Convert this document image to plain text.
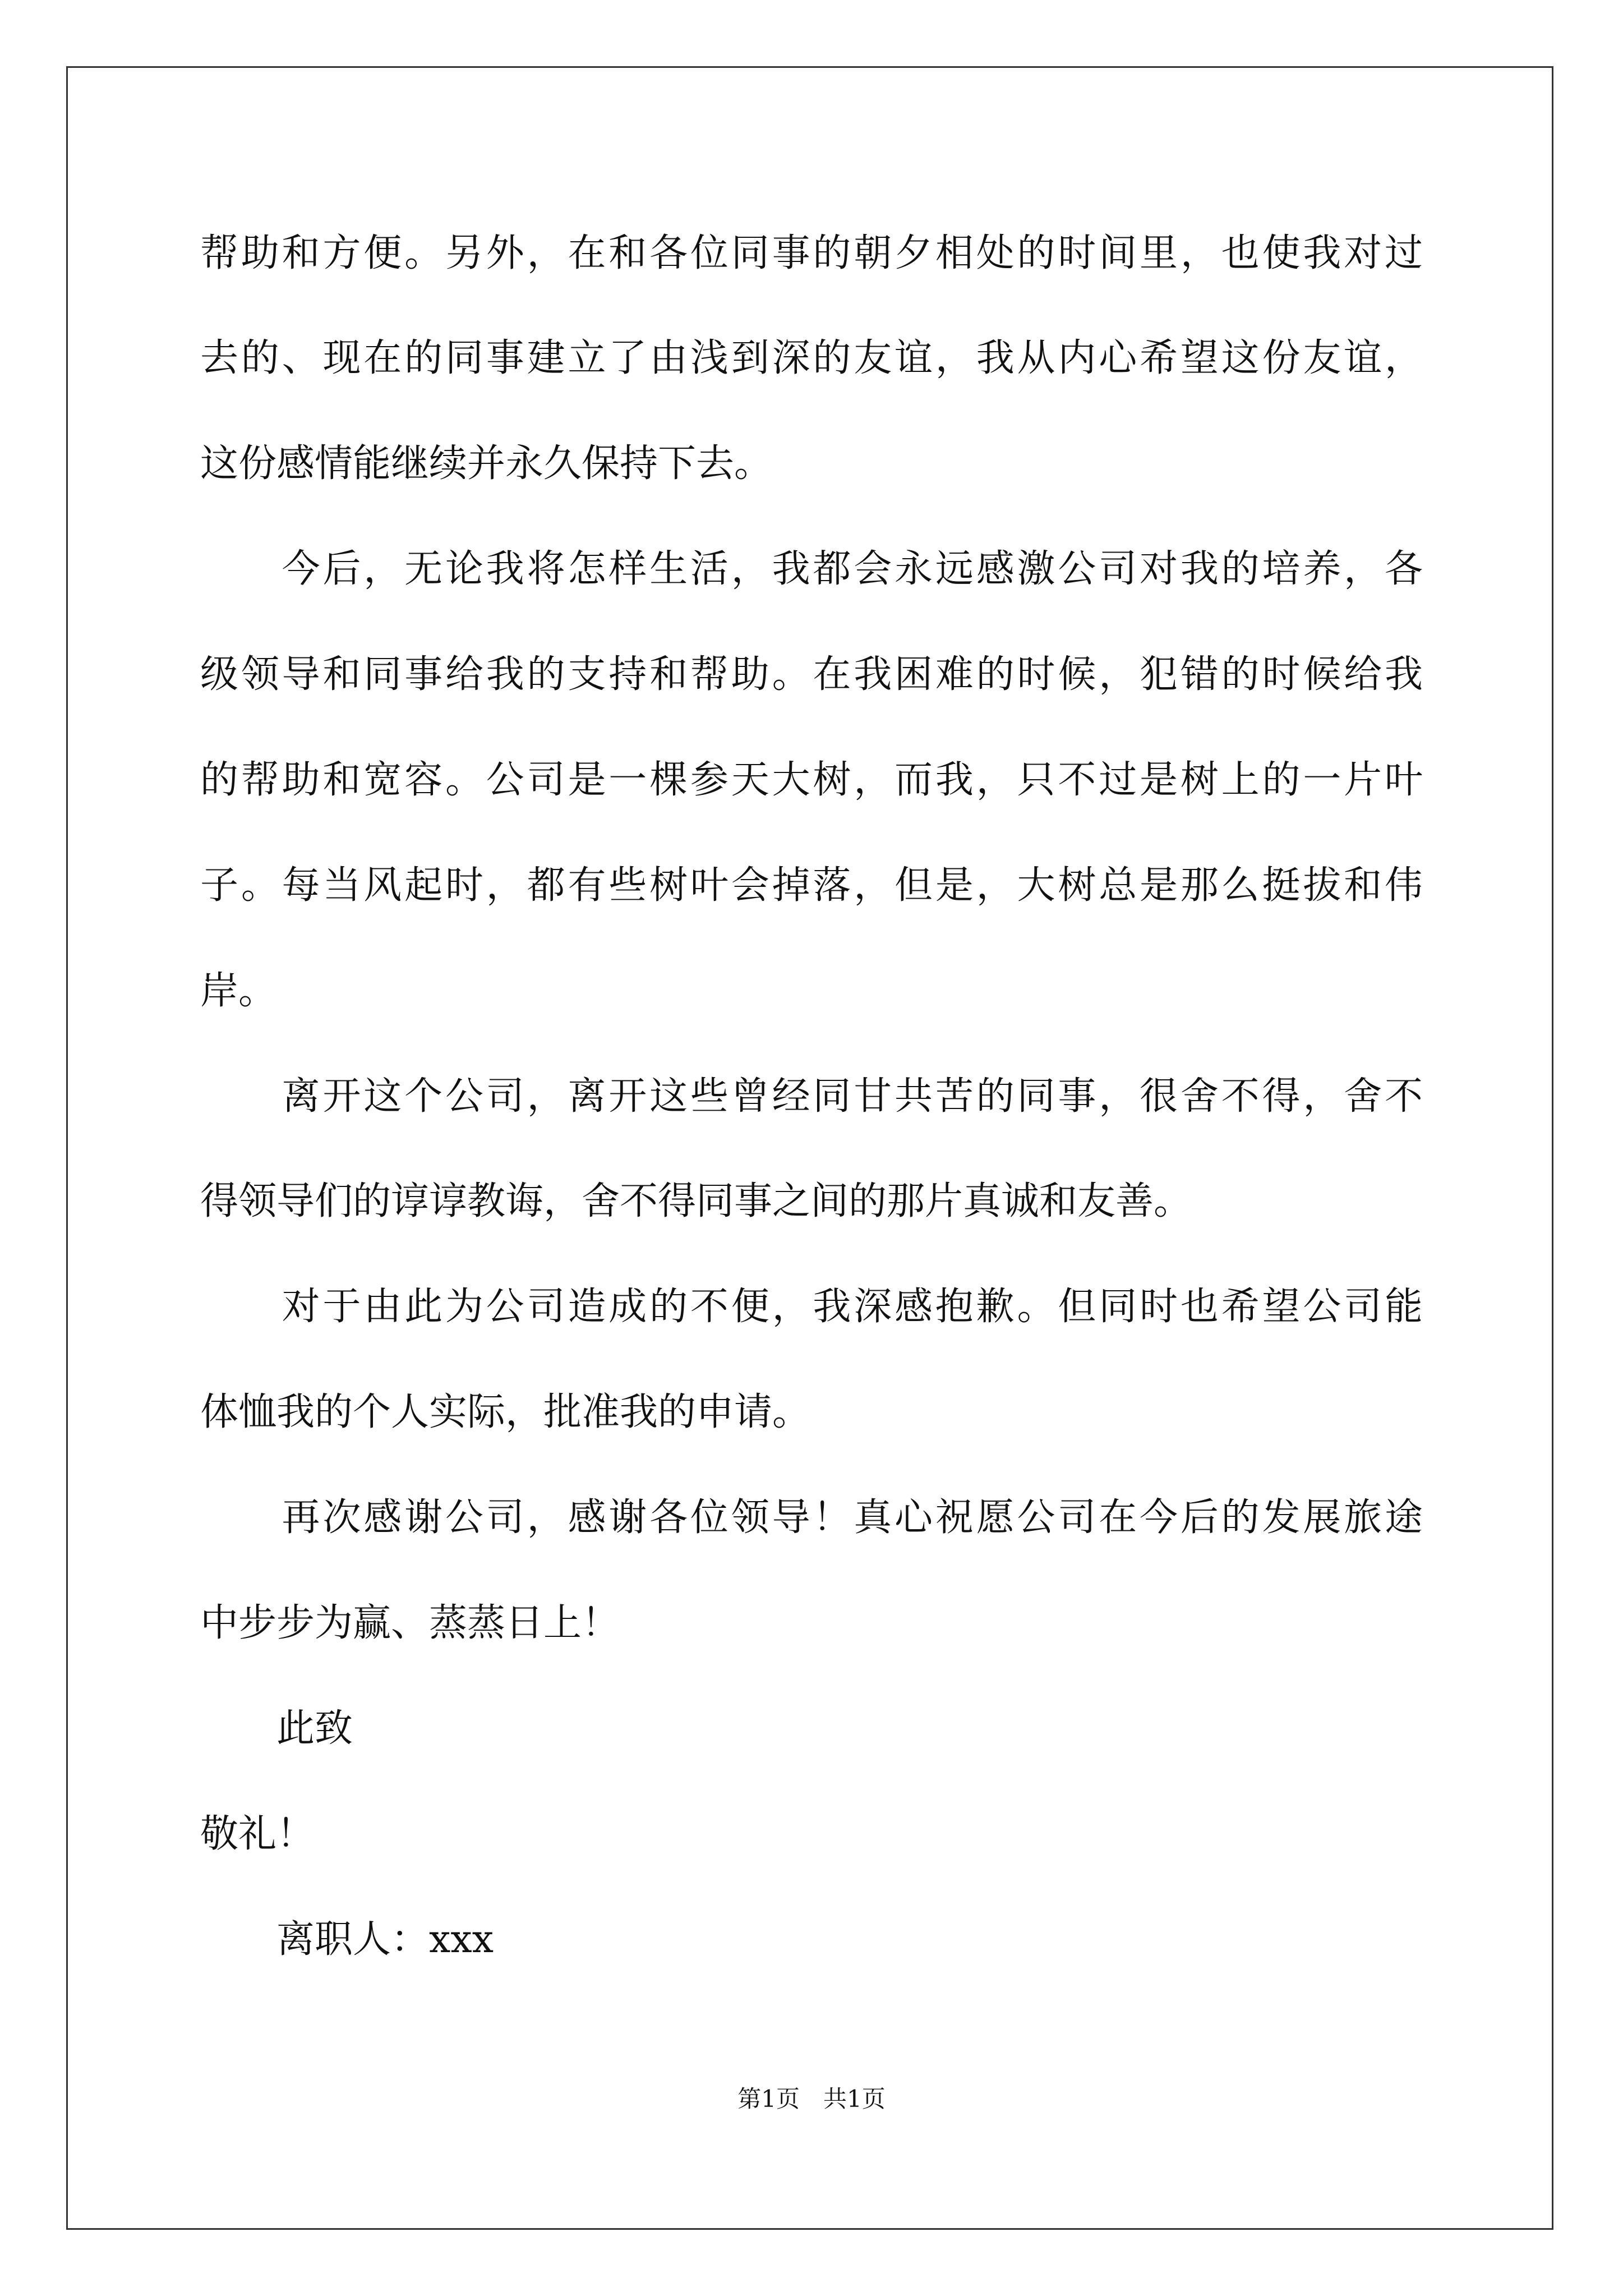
帮助和方便。另外，在和各位同事的朝夕相处的时间里，也使我对过
去的、现在的同事建立了由浅到深的友谊，我从内心希望这份友谊，
这份感情能继续并永久保持下去。
　　今后，无论我将怎样生活，我都会永远感激公司对我的培养，各
级领导和同事给我的支持和帮助。在我困难的时候，犯错的时候给我
的帮助和宽容。公司是一棵参天大树，而我，只不过是树上的一片叶
子。每当风起时，都有些树叶会掉落，但是，大树总是那么挺拔和伟
岸。
　　离开这个公司，离开这些曾经同甘共苦的同事，很舍不得，舍不
得领导们的谆谆教诲，舍不得同事之间的那片真诚和友善。
　　对于由此为公司造成的不便，我深感抱歉。但同时也希望公司能
体恤我的个人实际，批准我的申请。
　　再次感谢公司，感谢各位领导！真心祝愿公司在今后的发展旅途
中步步为赢、蒸蒸日上！
　　此致
敬礼！
　　离职人：xxx
第1页　共1页
